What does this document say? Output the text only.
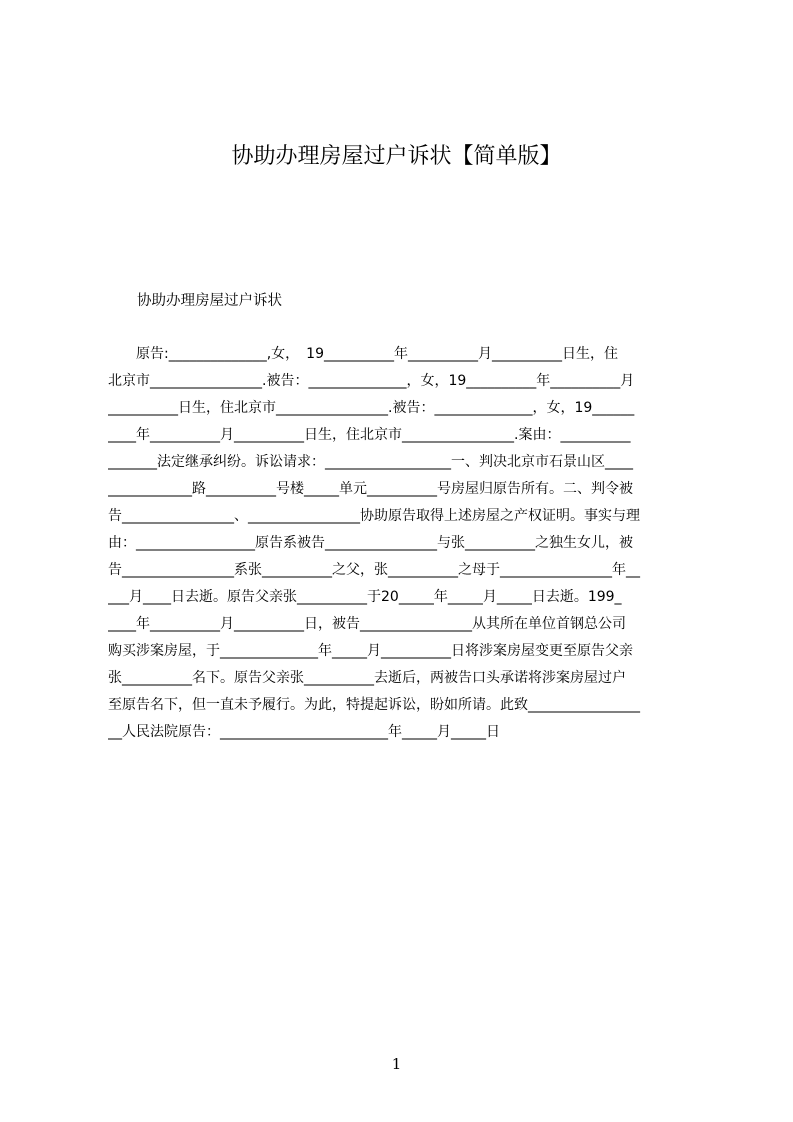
协助办理房屋过户诉状【简单版】
协助办理房屋过户诉状
　　原告:______________,女，　19__________年__________月__________日生，住
北京市________________.被告：______________，女，19__________年__________月
__________日生，住北京市________________.被告：______________，女，19______
____年__________月__________日生，住北京市________________.案由：__________
_______法定继承纠纷。诉讼请求：__________________一、判决北京市石景山区____
____________路__________号楼_____单元__________号房屋归原告所有。二、判令被
告________________、________________协助原告取得上述房屋之产权证明。事实与理
由：_________________原告系被告________________与张__________之独生女儿，被
告________________系张__________之父，张__________之母于________________年__
___月____日去逝。原告父亲张__________于20_____年_____月_____日去逝。199_
____年__________月__________日，被告________________从其所在单位首钢总公司
购买涉案房屋，于______________年_____月__________日将涉案房屋变更至原告父亲
张__________名下。原告父亲张__________去逝后，两被告口头承诺将涉案房屋过户
至原告名下，但一直未予履行。为此，特提起诉讼，盼如所请。此致________________
__人民法院原告：________________________年_____月_____日
1
